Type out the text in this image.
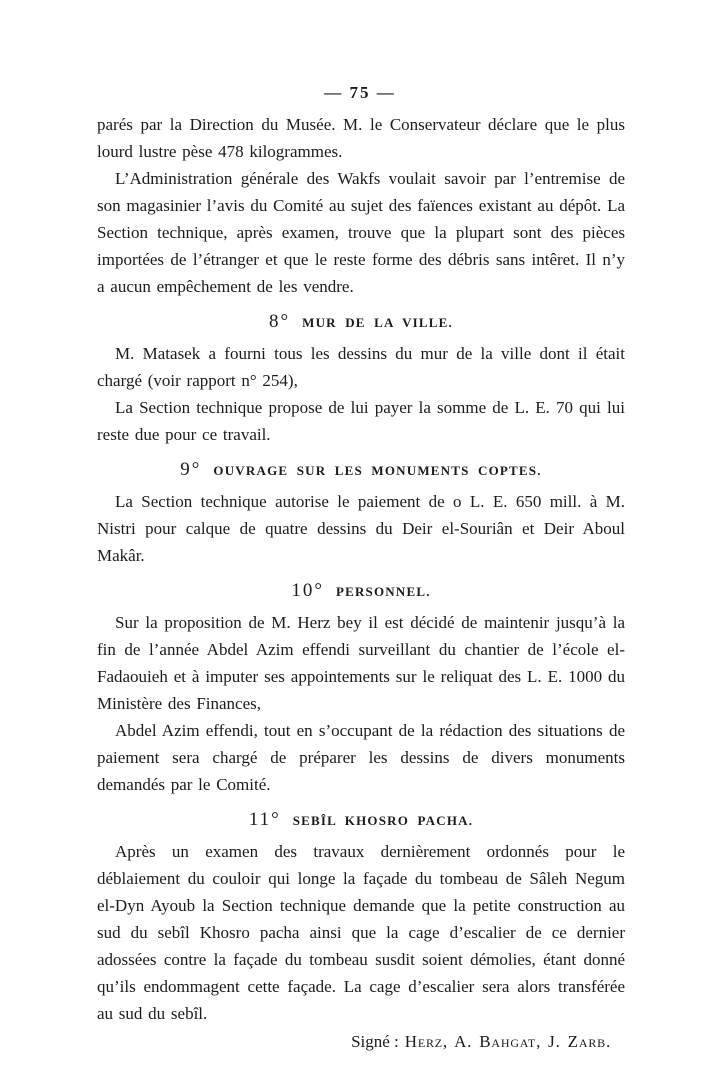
— 75 —

parés par la Direction du Musée. M. le Conservateur déclare que le plus lourd lustre pèse 478 kilogrammes.

L’Administration générale des Wakfs voulait savoir par l’entremise de son magasinier l’avis du Comité au sujet des faïences existant au dépôt. La Section technique, après examen, trouve que la plupart sont des pièces importées de l’étranger et que le reste forme des débris sans intêret. Il n’y a aucun empêchement de les vendre.

8° MUR DE LA VILLE.

M. Matasek a fourni tous les dessins du mur de la ville dont il était chargé (voir rapport n° 254),

La Section technique propose de lui payer la somme de L. E. 70 qui lui reste due pour ce travail.

9° OUVRAGE SUR LES MONUMENTS COPTES.

La Section technique autorise le paiement de o L. E. 650 mill. à M. Nistri pour calque de quatre dessins du Deir el-Souriân et Deir Aboul Makâr.

10° PERSONNEL.

Sur la proposition de M. Herz bey il est décidé de maintenir jusqu’à la fin de l’année Abdel Azim effendi surveillant du chantier de l’école el-Fadaouieh et à imputer ses appointements sur le reliquat des L. E. 1000 du Ministère des Finances,

Abdel Azim effendi, tout en s’occupant de la rédaction des situations de paiement sera chargé de préparer les dessins de divers monuments demandés par le Comité.

11° SEBÎL KHOSRO PACHA.

Après un examen des travaux dernièrement ordonnés pour le déblaiement du couloir qui longe la façade du tombeau de Sâleh Negum el-Dyn Ayoub la Section technique demande que la petite construction au sud du sebîl Khosro pacha ainsi que la cage d’escalier de ce dernier adossées contre la façade du tombeau susdit soient démolies, étant donné qu’ils endommagent cette façade. La cage d’escalier sera alors transférée au sud du sebîl.

Signé : Herz, A. Bahgat, J. Zarb.
